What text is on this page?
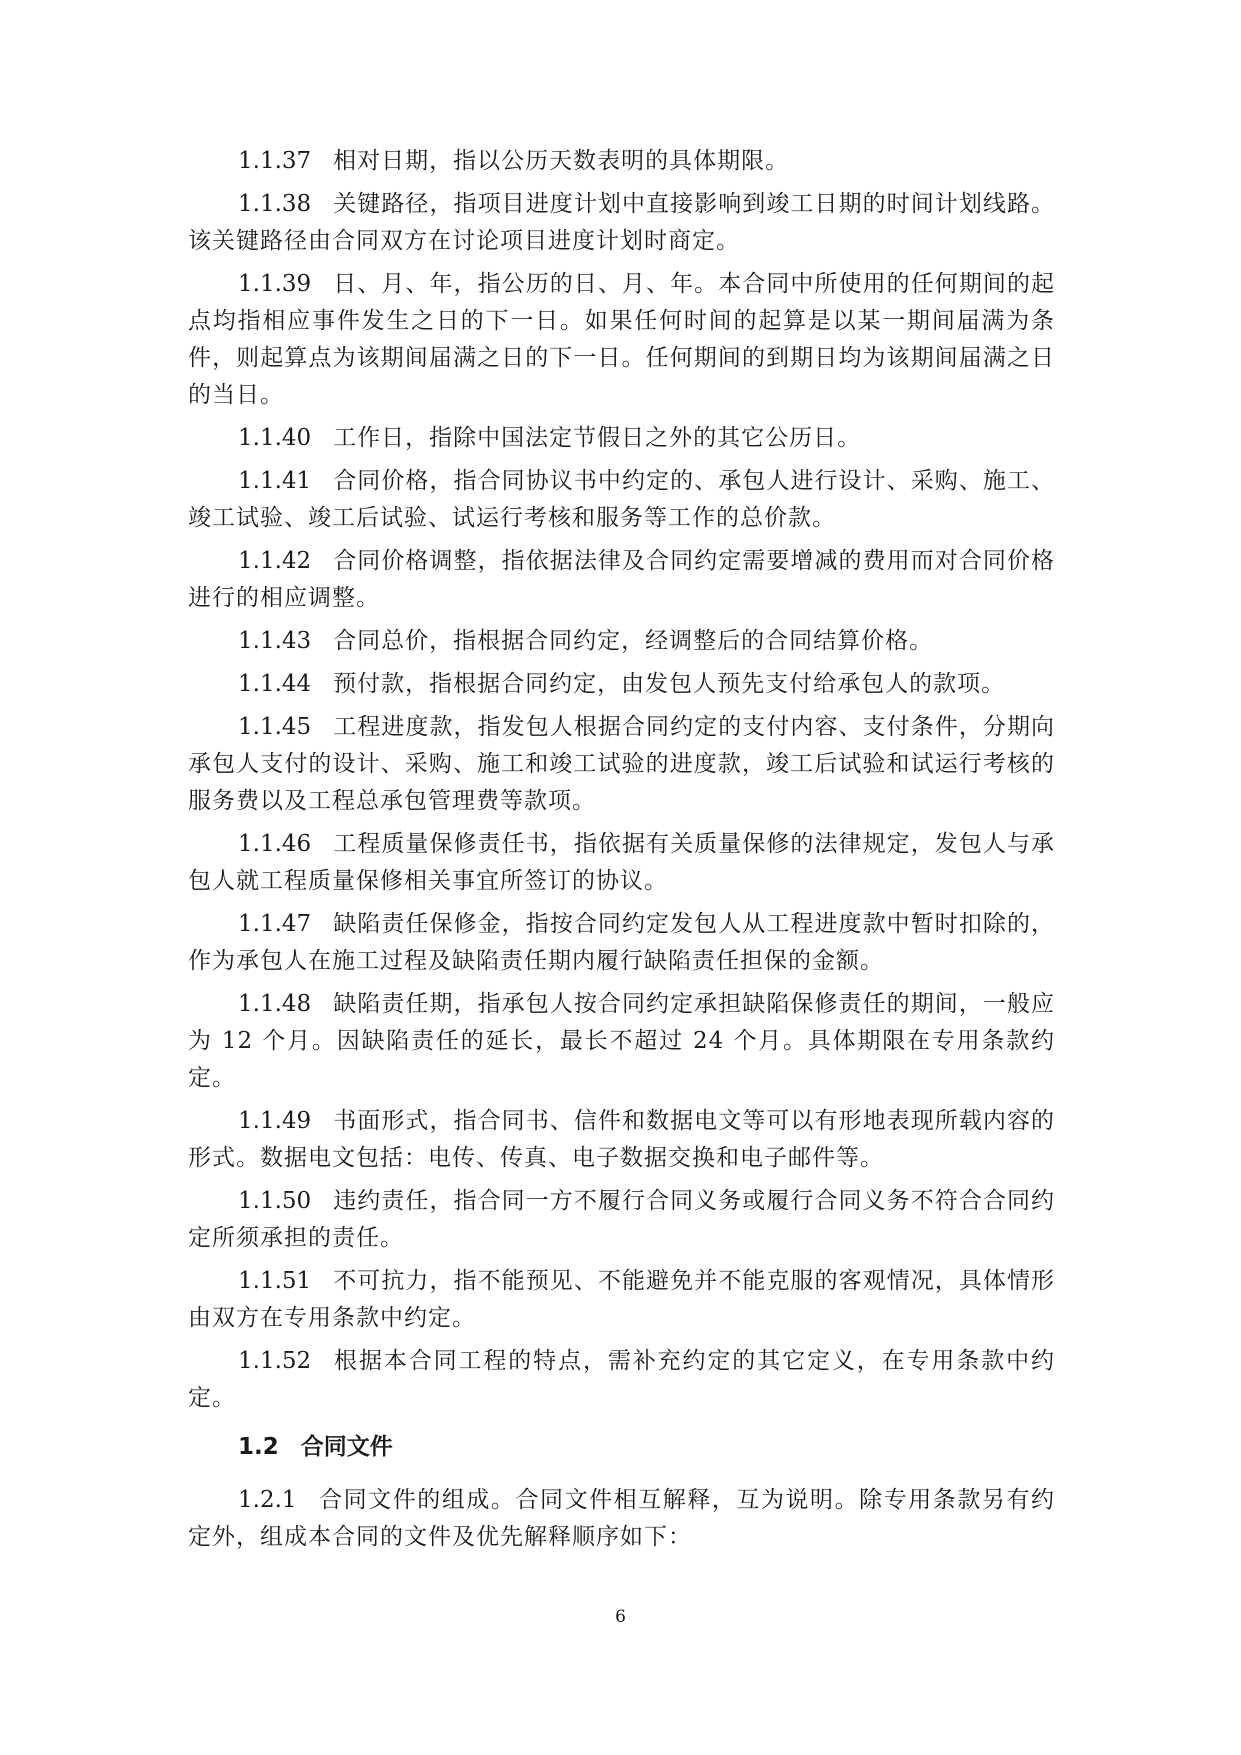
1.1.37 相对日期，指以公历天数表明的具体期限。

1.1.38 关键路径，指项目进度计划中直接影响到竣工日期的时间计划线路。该关键路径由合同双方在讨论项目进度计划时商定。

1.1.39 日、月、年，指公历的日、月、年。本合同中所使用的任何期间的起点均指相应事件发生之日的下一日。如果任何时间的起算是以某一期间届满为条件，则起算点为该期间届满之日的下一日。任何期间的到期日均为该期间届满之日的当日。

1.1.40 工作日，指除中国法定节假日之外的其它公历日。

1.1.41 合同价格，指合同协议书中约定的、承包人进行设计、采购、施工、竣工试验、竣工后试验、试运行考核和服务等工作的总价款。

1.1.42 合同价格调整，指依据法律及合同约定需要增减的费用而对合同价格进行的相应调整。

1.1.43 合同总价，指根据合同约定，经调整后的合同结算价格。

1.1.44 预付款，指根据合同约定，由发包人预先支付给承包人的款项。

1.1.45 工程进度款，指发包人根据合同约定的支付内容、支付条件，分期向承包人支付的设计、采购、施工和竣工试验的进度款，竣工后试验和试运行考核的服务费以及工程总承包管理费等款项。

1.1.46 工程质量保修责任书，指依据有关质量保修的法律规定，发包人与承包人就工程质量保修相关事宜所签订的协议。

1.1.47 缺陷责任保修金，指按合同约定发包人从工程进度款中暂时扣除的，作为承包人在施工过程及缺陷责任期内履行缺陷责任担保的金额。

1.1.48 缺陷责任期，指承包人按合同约定承担缺陷保修责任的期间，一般应为 12 个月。因缺陷责任的延长，最长不超过 24 个月。具体期限在专用条款约定。

1.1.49 书面形式，指合同书、信件和数据电文等可以有形地表现所载内容的形式。数据电文包括：电传、传真、电子数据交换和电子邮件等。

1.1.50 违约责任，指合同一方不履行合同义务或履行合同义务不符合合同约定所须承担的责任。

1.1.51 不可抗力，指不能预见、不能避免并不能克服的客观情况，具体情形由双方在专用条款中约定。

1.1.52 根据本合同工程的特点，需补充约定的其它定义，在专用条款中约定。

1.2 合同文件

1.2.1 合同文件的组成。合同文件相互解释，互为说明。除专用条款另有约定外，组成本合同的文件及优先解释顺序如下：

6
